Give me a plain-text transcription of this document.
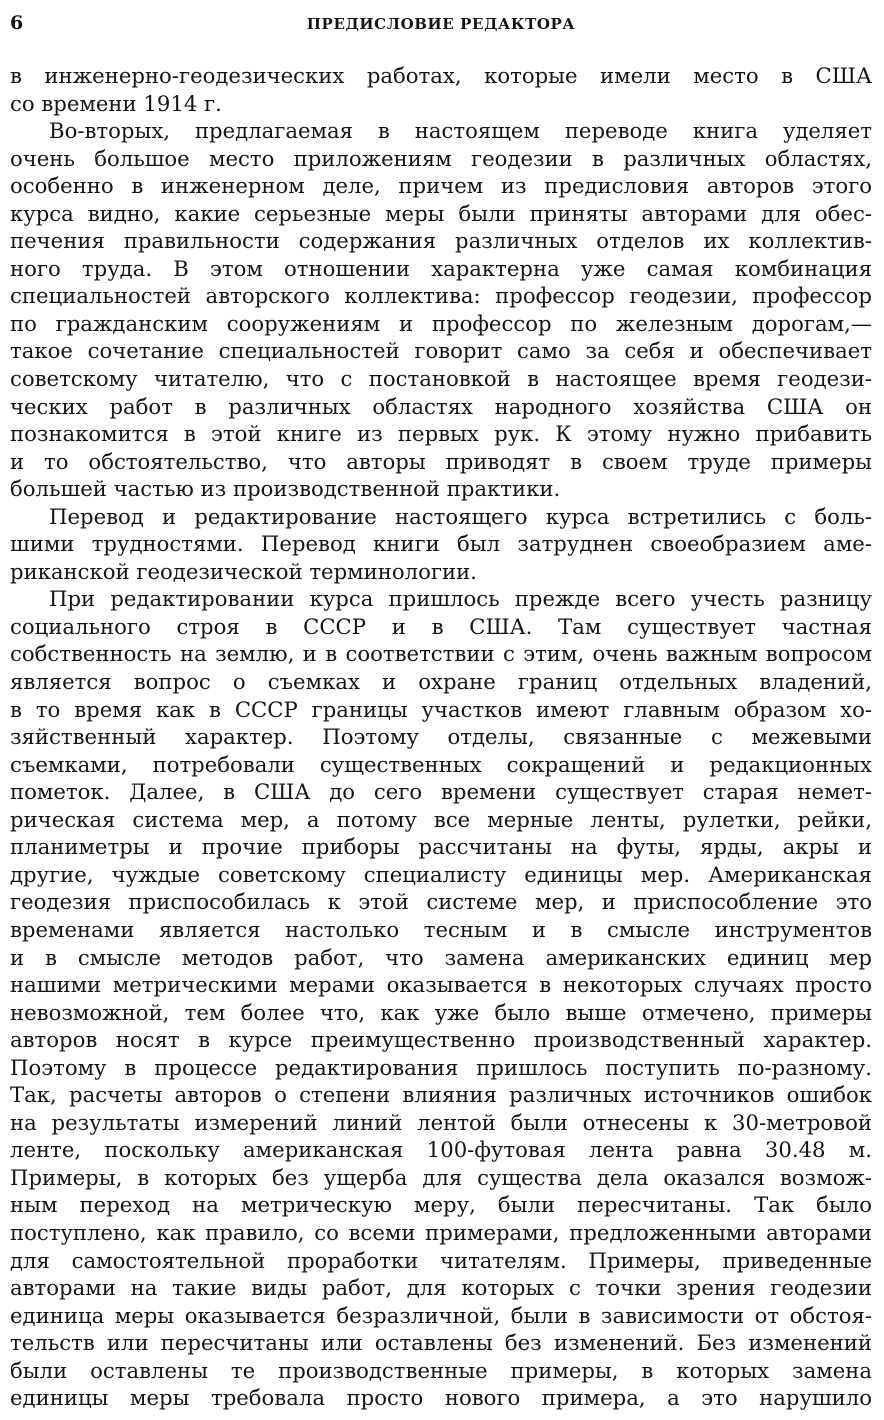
6	ПРЕДИСЛОВИЕ РЕДАКТОРА
в инженерно-геодезических работах, которые имели место в США
со времени 1914 г.
Во-вторых, предлагаемая в настоящем переводе книга уделяет
очень большое место приложениям геодезии в различных областях,
особенно в инженерном деле, причем из предисловия авторов этого
курса видно, какие серьезные меры были приняты авторами для обес-
печения правильности содержания различных отделов их коллектив-
ного труда. В этом отношении характерна уже самая комбинация
специальностей авторского коллектива: профессор геодезии, профессор
по гражданским сооружениям и профессор по железным дорогам,—
такое сочетание специальностей говорит само за себя и обеспечивает
советскому читателю, что с постановкой в настоящее время геодези-
ческих работ в различных областях народного хозяйства США он
познакомится в этой книге из первых рук. К этому нужно прибавить
и то обстоятельство, что авторы приводят в своем труде примеры
большей частью из производственной практики.
Перевод и редактирование настоящего курса встретились с боль-
шими трудностями. Перевод книги был затруднен своеобразием аме-
риканской геодезической терминологии.
При редактировании курса пришлось прежде всего учесть разницу
социального строя в СССР и в США. Там существует частная
собственность на землю, и в соответствии с этим, очень важным вопросом
является вопрос о съемках и охране границ отдельных владений,
в то время как в СССР границы участков имеют главным образом хо-
зяйственный характер. Поэтому отделы, связанные с межевыми
съемками, потребовали существенных сокращений и редакционных
пометок. Далее, в США до сего времени существует старая немет-
рическая система мер, а потому все мерные ленты, рулетки, рейки,
планиметры и прочие приборы рассчитаны на футы, ярды, акры и
другие, чуждые советскому специалисту единицы мер. Американская
геодезия приспособилась к этой системе мер, и приспособление это
временами является настолько тесным и в смысле инструментов
и в смысле методов работ, что замена американских единиц мер
нашими метрическими мерами оказывается в некоторых случаях просто
невозможной, тем более что, как уже было выше отмечено, примеры
авторов носят в курсе преимущественно производственный характер.
Поэтому в процессе редактирования пришлось поступить по-разному.
Так, расчеты авторов о степени влияния различных источников ошибок
на результаты измерений линий лентой были отнесены к 30-метровой
ленте, поскольку американская 100-футовая лента равна 30.48 м.
Примеры, в которых без ущерба для существа дела оказался возмож-
ным переход на метрическую меру, были пересчитаны. Так было
поступлено, как правило, со всеми примерами, предложенными авторами
для самостоятельной проработки читателям. Примеры, приведенные
авторами на такие виды работ, для которых с точки зрения геодезии
единица меры оказывается безразличной, были в зависимости от обстоя-
тельств или пересчитаны или оставлены без изменений. Без изменений
были оставлены те производственные примеры, в которых замена
единицы меры требовала просто нового примера, а это нарушило
